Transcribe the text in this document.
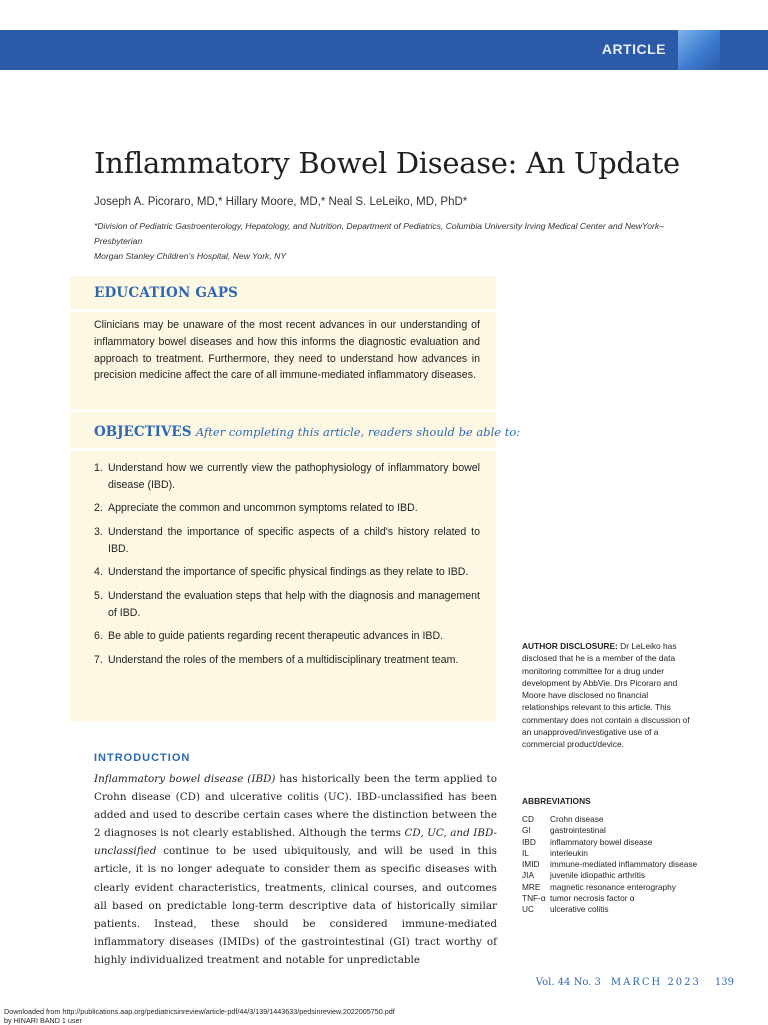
ARTICLE
Inflammatory Bowel Disease: An Update
Joseph A. Picoraro, MD,* Hillary Moore, MD,* Neal S. LeLeiko, MD, PhD*
*Division of Pediatric Gastroenterology, Hepatology, and Nutrition, Department of Pediatrics, Columbia University Irving Medical Center and NewYork–Presbyterian
Morgan Stanley Children's Hospital, New York, NY
EDUCATION GAPS

Clinicians may be unaware of the most recent advances in our understanding of inflammatory bowel diseases and how this informs the diagnostic evaluation and approach to treatment. Furthermore, they need to understand how advances in precision medicine affect the care of all immune-mediated inflammatory diseases.

OBJECTIVES After completing this article, readers should be able to:
1. Understand how we currently view the pathophysiology of inflammatory bowel disease (IBD).
2. Appreciate the common and uncommon symptoms related to IBD.
3. Understand the importance of specific aspects of a child's history related to IBD.
4. Understand the importance of specific physical findings as they relate to IBD.
5. Understand the evaluation steps that help with the diagnosis and management of IBD.
6. Be able to guide patients regarding recent therapeutic advances in IBD.
7. Understand the roles of the members of a multidisciplinary treatment team.
INTRODUCTION

Inflammatory bowel disease (IBD) has historically been the term applied to Crohn disease (CD) and ulcerative colitis (UC). IBD-unclassified has been added and used to describe certain cases where the distinction between the 2 diagnoses is not clearly established. Although the terms CD, UC, and IBD-unclassified continue to be used ubiquitously, and will be used in this article, it is no longer adequate to consider them as specific diseases with clearly evident characteristics, treatments, clinical courses, and outcomes all based on predictable long-term descriptive data of historically similar patients. Instead, these should be considered immune-mediated inflammatory diseases (IMIDs) of the gastrointestinal (GI) tract worthy of highly individualized treatment and notable for unpredictable

AUTHOR DISCLOSURE: Dr LeLeiko has disclosed that he is a member of the data monitoring committee for a drug under development by AbbVie. Drs Picoraro and Moore have disclosed no financial relationships relevant to this article. This commentary does not contain a discussion of an unapproved/investigative use of a commercial product/device.
ABBREVIATIONS
CD	Crohn disease
GI	gastrointestinal
IBD	inflammatory bowel disease
IL	interleukin
IMID	immune-mediated inflammatory disease
JIA	juvenile idiopathic arthritis
MRE	magnetic resonance enterography
TNF-α	tumor necrosis factor α
UC	ulcerative colitis
Vol. 44 No. 3 MARCH 2023 139
Downloaded from http://publications.aap.org/pediatricsinreview/article-pdf/44/3/139/1443633/pedsinreview.2022005750.pdf
by HINARI BAND 1 user
